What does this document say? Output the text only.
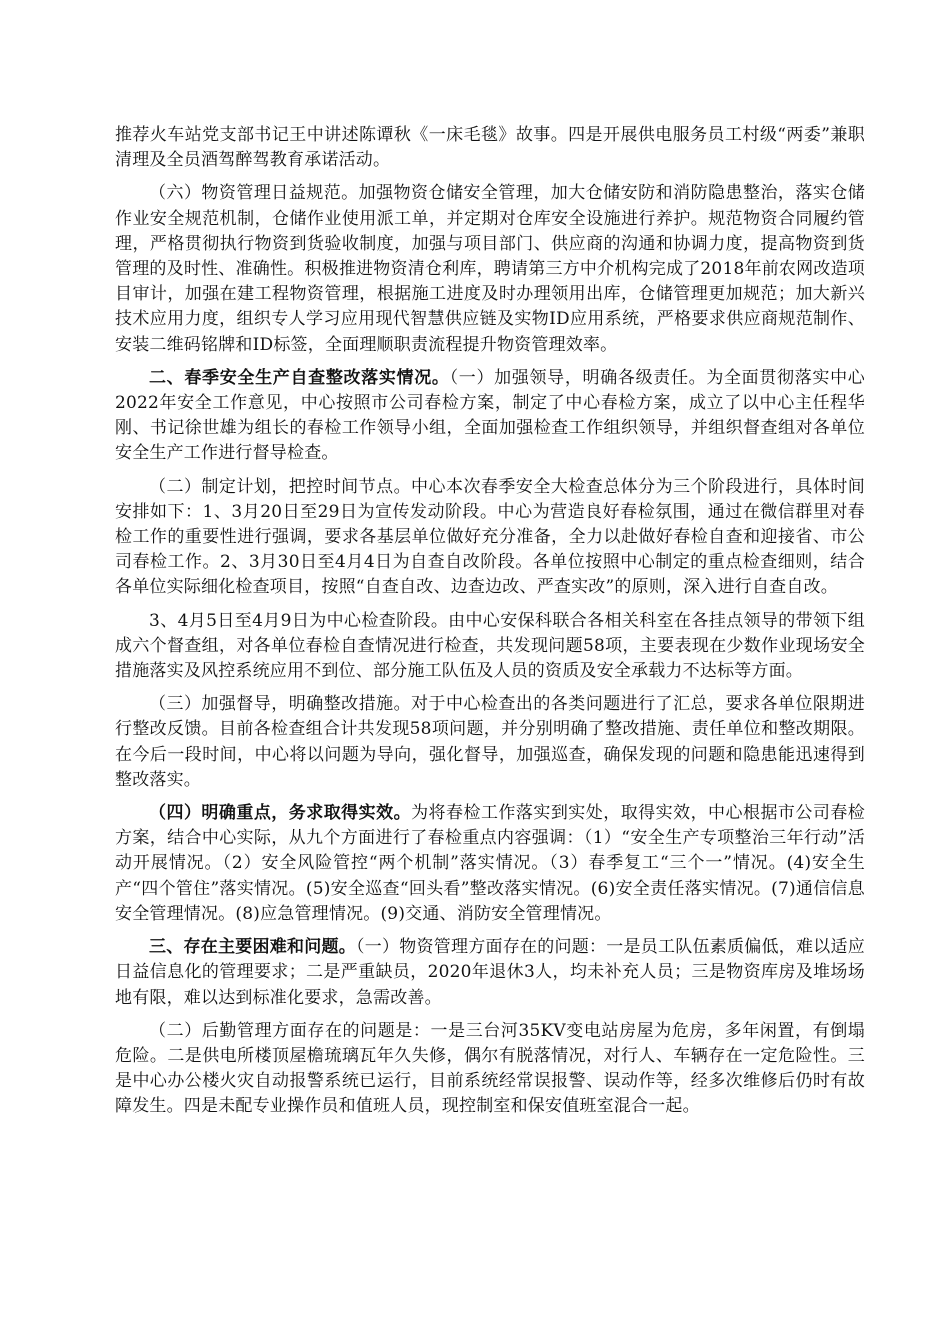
推荐火车站党支部书记王中讲述陈谭秋《一床毛毯》故事。四是开展供电服务员工村级“两委”兼职清理及全员酒驾醉驾教育承诺活动。

（六）物资管理日益规范。加强物资仓储安全管理，加大仓储安防和消防隐患整治，落实仓储作业安全规范机制，仓储作业使用派工单，并定期对仓库安全设施进行养护。规范物资合同履约管理，严格贯彻执行物资到货验收制度，加强与项目部门、供应商的沟通和协调力度，提高物资到货管理的及时性、准确性。积极推进物资清仓利库，聘请第三方中介机构完成了2018年前农网改造项目审计，加强在建工程物资管理，根据施工进度及时办理领用出库，仓储管理更加规范；加大新兴技术应用力度，组织专人学习应用现代智慧供应链及实物ID应用系统，严格要求供应商规范制作、安装二维码铭牌和ID标签，全面理顺职责流程提升物资管理效率。

二、春季安全生产自查整改落实情况。（一）加强领导，明确各级责任。为全面贯彻落实中心2022年安全工作意见，中心按照市公司春检方案，制定了中心春检方案，成立了以中心主任程华刚、书记徐世雄为组长的春检工作领导小组，全面加强检查工作组织领导，并组织督查组对各单位安全生产工作进行督导检查。

（二）制定计划，把控时间节点。中心本次春季安全大检查总体分为三个阶段进行，具体时间安排如下：1、3月20日至29日为宣传发动阶段。中心为营造良好春检氛围，通过在微信群里对春检工作的重要性进行强调，要求各基层单位做好充分准备，全力以赴做好春检自查和迎接省、市公司春检工作。2、3月30日至4月4日为自查自改阶段。各单位按照中心制定的重点检查细则，结合各单位实际细化检查项目，按照“自查自改、边查边改、严查实改”的原则，深入进行自查自改。

3、4月5日至4月9日为中心检查阶段。由中心安保科联合各相关科室在各挂点领导的带领下组成六个督查组，对各单位春检自查情况进行检查，共发现问题58项，主要表现在少数作业现场安全措施落实及风控系统应用不到位、部分施工队伍及人员的资质及安全承载力不达标等方面。

（三）加强督导，明确整改措施。对于中心检查出的各类问题进行了汇总，要求各单位限期进行整改反馈。目前各检查组合计共发现58项问题，并分别明确了整改措施、责任单位和整改期限。在今后一段时间，中心将以问题为导向，强化督导，加强巡查，确保发现的问题和隐患能迅速得到整改落实。

（四）明确重点，务求取得实效。为将春检工作落实到实处，取得实效，中心根据市公司春检方案，结合中心实际，从九个方面进行了春检重点内容强调：（1）“安全生产专项整治三年行动”活动开展情况。（2）安全风险管控“两个机制”落实情况。（3）春季复工“三个一”情况。(4)安全生产“四个管住”落实情况。(5)安全巡查“回头看”整改落实情况。(6)安全责任落实情况。(7)通信信息安全管理情况。(8)应急管理情况。(9)交通、消防安全管理情况。

三、存在主要困难和问题。（一）物资管理方面存在的问题：一是员工队伍素质偏低，难以适应日益信息化的管理要求；二是严重缺员，2020年退休3人，均未补充人员；三是物资库房及堆场场地有限，难以达到标准化要求，急需改善。

（二）后勤管理方面存在的问题是：一是三台河35KV变电站房屋为危房，多年闲置，有倒塌危险。二是供电所楼顶屋檐琉璃瓦年久失修，偶尔有脱落情况，对行人、车辆存在一定危险性。三是中心办公楼火灾自动报警系统已运行，目前系统经常误报警、误动作等，经多次维修后仍时有故障发生。四是未配专业操作员和值班人员，现控制室和保安值班室混合一起。
